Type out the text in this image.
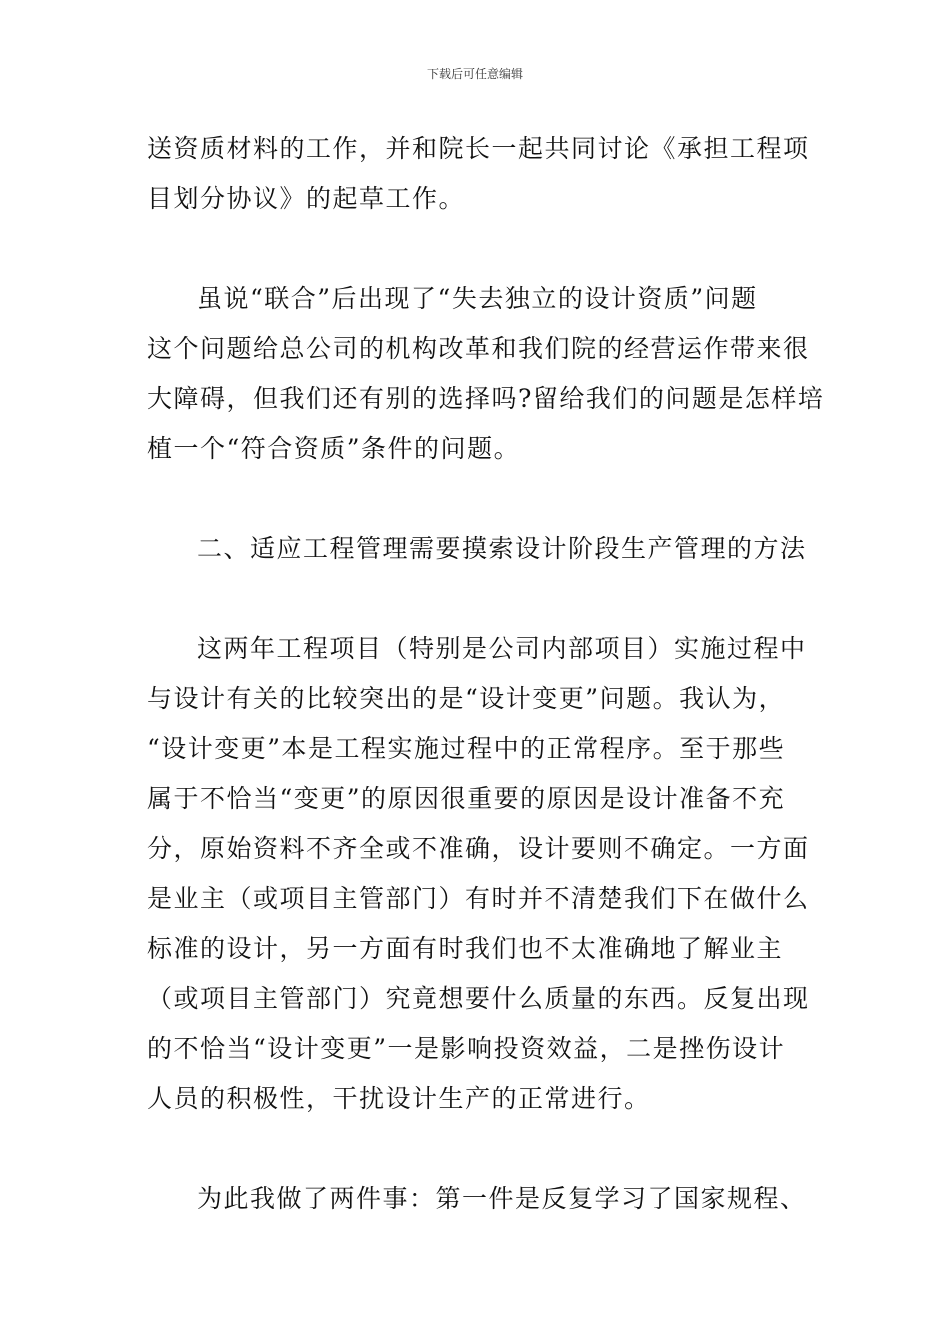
下载后可任意编辑

送资质材料的工作，并和院长一起共同讨论《承担工程项
目划分协议》的起草工作。

虽说“联合”后出现了“失去独立的设计资质”问题
这个问题给总公司的机构改革和我们院的经营运作带来很
大障碍，但我们还有别的选择吗?留给我们的问题是怎样培
植一个“符合资质”条件的问题。

二、适应工程管理需要摸索设计阶段生产管理的方法

这两年工程项目（特别是公司内部项目）实施过程中
与设计有关的比较突出的是“设计变更”问题。我认为，
“设计变更”本是工程实施过程中的正常程序。至于那些
属于不恰当“变更”的原因很重要的原因是设计准备不充
分，原始资料不齐全或不准确，设计要则不确定。一方面
是业主（或项目主管部门）有时并不清楚我们下在做什么
标准的设计，另一方面有时我们也不太准确地了解业主
（或项目主管部门）究竟想要什么质量的东西。反复出现
的不恰当“设计变更”一是影响投资效益，二是挫伤设计
人员的积极性，干扰设计生产的正常进行。

为此我做了两件事：第一件是反复学习了国家规程、
